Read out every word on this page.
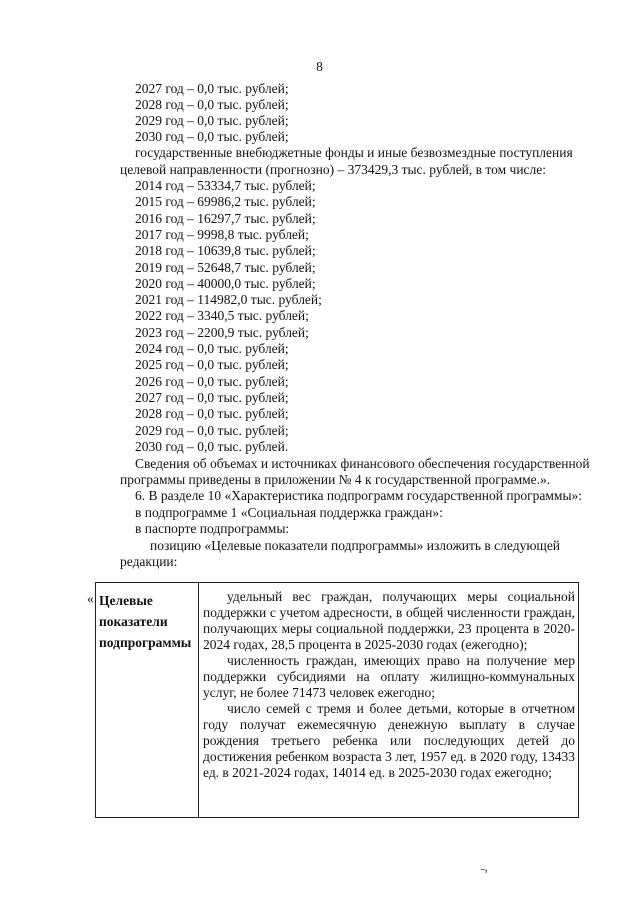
8
2027 год – 0,0 тыс. рублей;
2028 год – 0,0 тыс. рублей;
2029 год – 0,0 тыс. рублей;
2030 год – 0,0 тыс. рублей;
государственные внебюджетные фонды и иные безвозмездные поступления
целевой направленности (прогнозно) – 373429,3 тыс. рублей, в том числе:
2014 год – 53334,7 тыс. рублей;
2015 год – 69986,2 тыс. рублей;
2016 год – 16297,7 тыс. рублей;
2017 год – 9998,8 тыс. рублей;
2018 год – 10639,8 тыс. рублей;
2019 год – 52648,7 тыс. рублей;
2020 год – 40000,0 тыс. рублей;
2021 год – 114982,0 тыс. рублей;
2022 год – 3340,5 тыс. рублей;
2023 год – 2200,9 тыс. рублей;
2024 год – 0,0 тыс. рублей;
2025 год – 0,0 тыс. рублей;
2026 год – 0,0 тыс. рублей;
2027 год – 0,0 тыс. рублей;
2028 год – 0,0 тыс. рублей;
2029 год – 0,0 тыс. рублей;
2030 год – 0,0 тыс. рублей.
Сведения об объемах и источниках финансового обеспечения государственной
программы приведены в приложении № 4 к государственной программе.».
6. В разделе 10 «Характеристика подпрограмм государственной программы»:
в подпрограмме 1 «Социальная поддержка граждан»:
в паспорте подпрограммы:
позицию «Целевые показатели подпрограммы» изложить в следующей
редакции:
« Целевые
показатели
подпрограммы

удельный вес граждан, получающих меры социальной поддержки с учетом адресности, в общей численности граждан, получающих меры социальной поддержки, 23 процента в 2020-2024 годах, 28,5 процента в 2025-2030 годах (ежегодно);

численность граждан, имеющих право на получение мер поддержки субсидиями на оплату жилищно-коммунальных услуг, не более 71473 человек ежегодно;

число семей с тремя и более детьми, которые в отчетном году получат ежемесячную денежную выплату в случае рождения третьего ребенка или последующих детей до достижения ребенком возраста 3 лет, 1957 ед. в 2020 году, 13433 ед. в 2021-2024 годах, 14014 ед. в 2025-2030 годах ежегодно;

¬
